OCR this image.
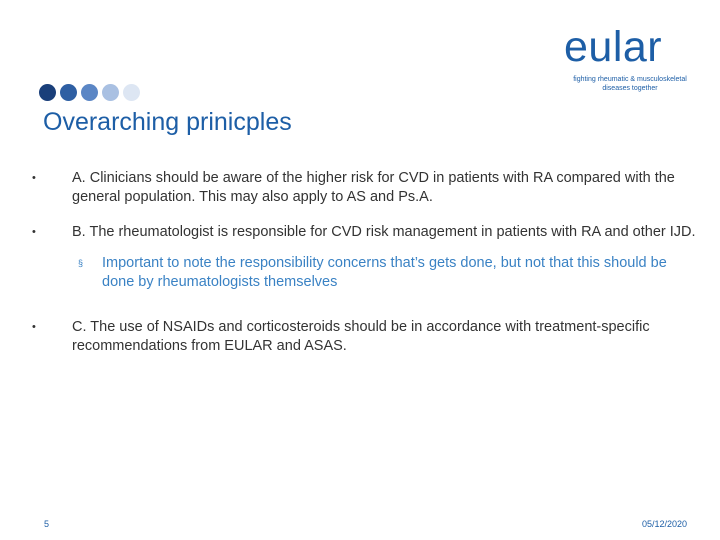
eular
fighting rheumatic & musculoskeletal
diseases together
Overarching prinicples
•	A. Clinicians should be aware of the higher risk for CVD in patients with RA compared with the general population. This may also apply to AS and Ps.A.
•	B. The rheumatologist is responsible for CVD risk management in patients with RA and other IJD.
§	Important to note the responsibility concerns that’s gets done, but not that this should be done by rheumatologists themselves
•	C. The use of NSAIDs and corticosteroids should be in accordance with treatment-specific recommendations from EULAR and ASAS.
5	05/12/2020
